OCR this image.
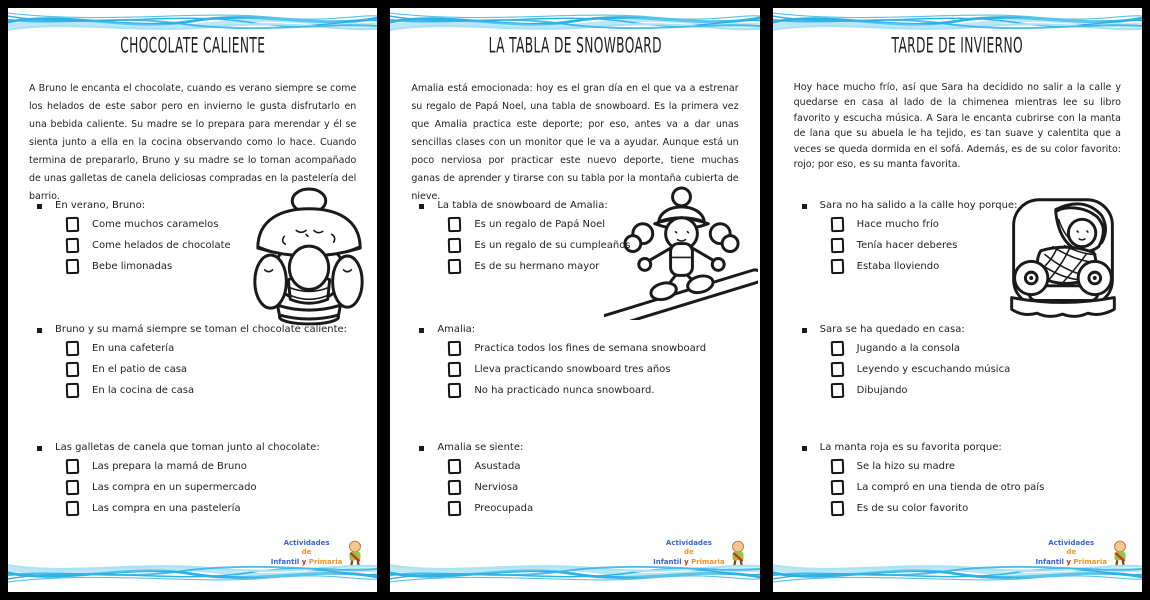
CHOCOLATE CALIENTE

A Bruno le encanta el chocolate, cuando es verano siempre se come los helados de este sabor pero en invierno le gusta disfrutarlo en una bebida caliente. Su madre se lo prepara para merendar y él se sienta junto a ella en la cocina observando como lo hace. Cuando termina de prepararlo, Bruno y su madre se lo toman acompañado de unas galletas de canela deliciosas compradas en la pastelería del barrio.

En verano, Bruno:
Come muchos caramelos
Come helados de chocolate
Bebe limonadas
Bruno y su mamá siempre se toman el chocolate caliente:
En una cafetería
En el patio de casa
En la cocina de casa
Las galletas de canela que toman junto al chocolate:
Las prepara la mamá de Bruno
Las compra en un supermercado
Las compra en una pastelería
Actividades
de
Infantil y Primaria
LA TABLA DE SNOWBOARD

Amalia está emocionada: hoy es el gran día en el que va a estrenar su regalo de Papá Noel, una tabla de snowboard. Es la primera vez que Amalia practica este deporte; por eso, antes va a dar unas sencillas clases con un monitor que le va a ayudar. Aunque está un poco nerviosa por practicar este nuevo deporte, tiene muchas ganas de aprender y tirarse con su tabla por la montaña cubierta de nieve.

La tabla de snowboard de Amalia:
Es un regalo de Papá Noel
Es un regalo de su cumpleaños
Es de su hermano mayor
Amalia:
Practica todos los fines de semana snowboard
Lleva practicando snowboard tres años
No ha practicado nunca snowboard.
Amalia se siente:
Asustada
Nerviosa
Preocupada
Actividades
de
Infantil y Primaria
TARDE DE INVIERNO

Hoy hace mucho frío, así que Sara ha decidido no salir a la calle y quedarse en casa al lado de la chimenea mientras lee su libro favorito y escucha música. A Sara le encanta cubrirse con la manta de lana que su abuela le ha tejido, es tan suave y calentita que a veces se queda dormida en el sofá. Además, es de su color favorito: rojo; por eso, es su manta favorita.

Sara no ha salido a la calle hoy porque:
Hace mucho frío
Tenía hacer deberes
Estaba lloviendo
Sara se ha quedado en casa:
Jugando a la consola
Leyendo y escuchando música
Dibujando
La manta roja es su favorita porque:
Se la hizo su madre
La compró en una tienda de otro país
Es de su color favorito
Actividades
de
Infantil y Primaria
